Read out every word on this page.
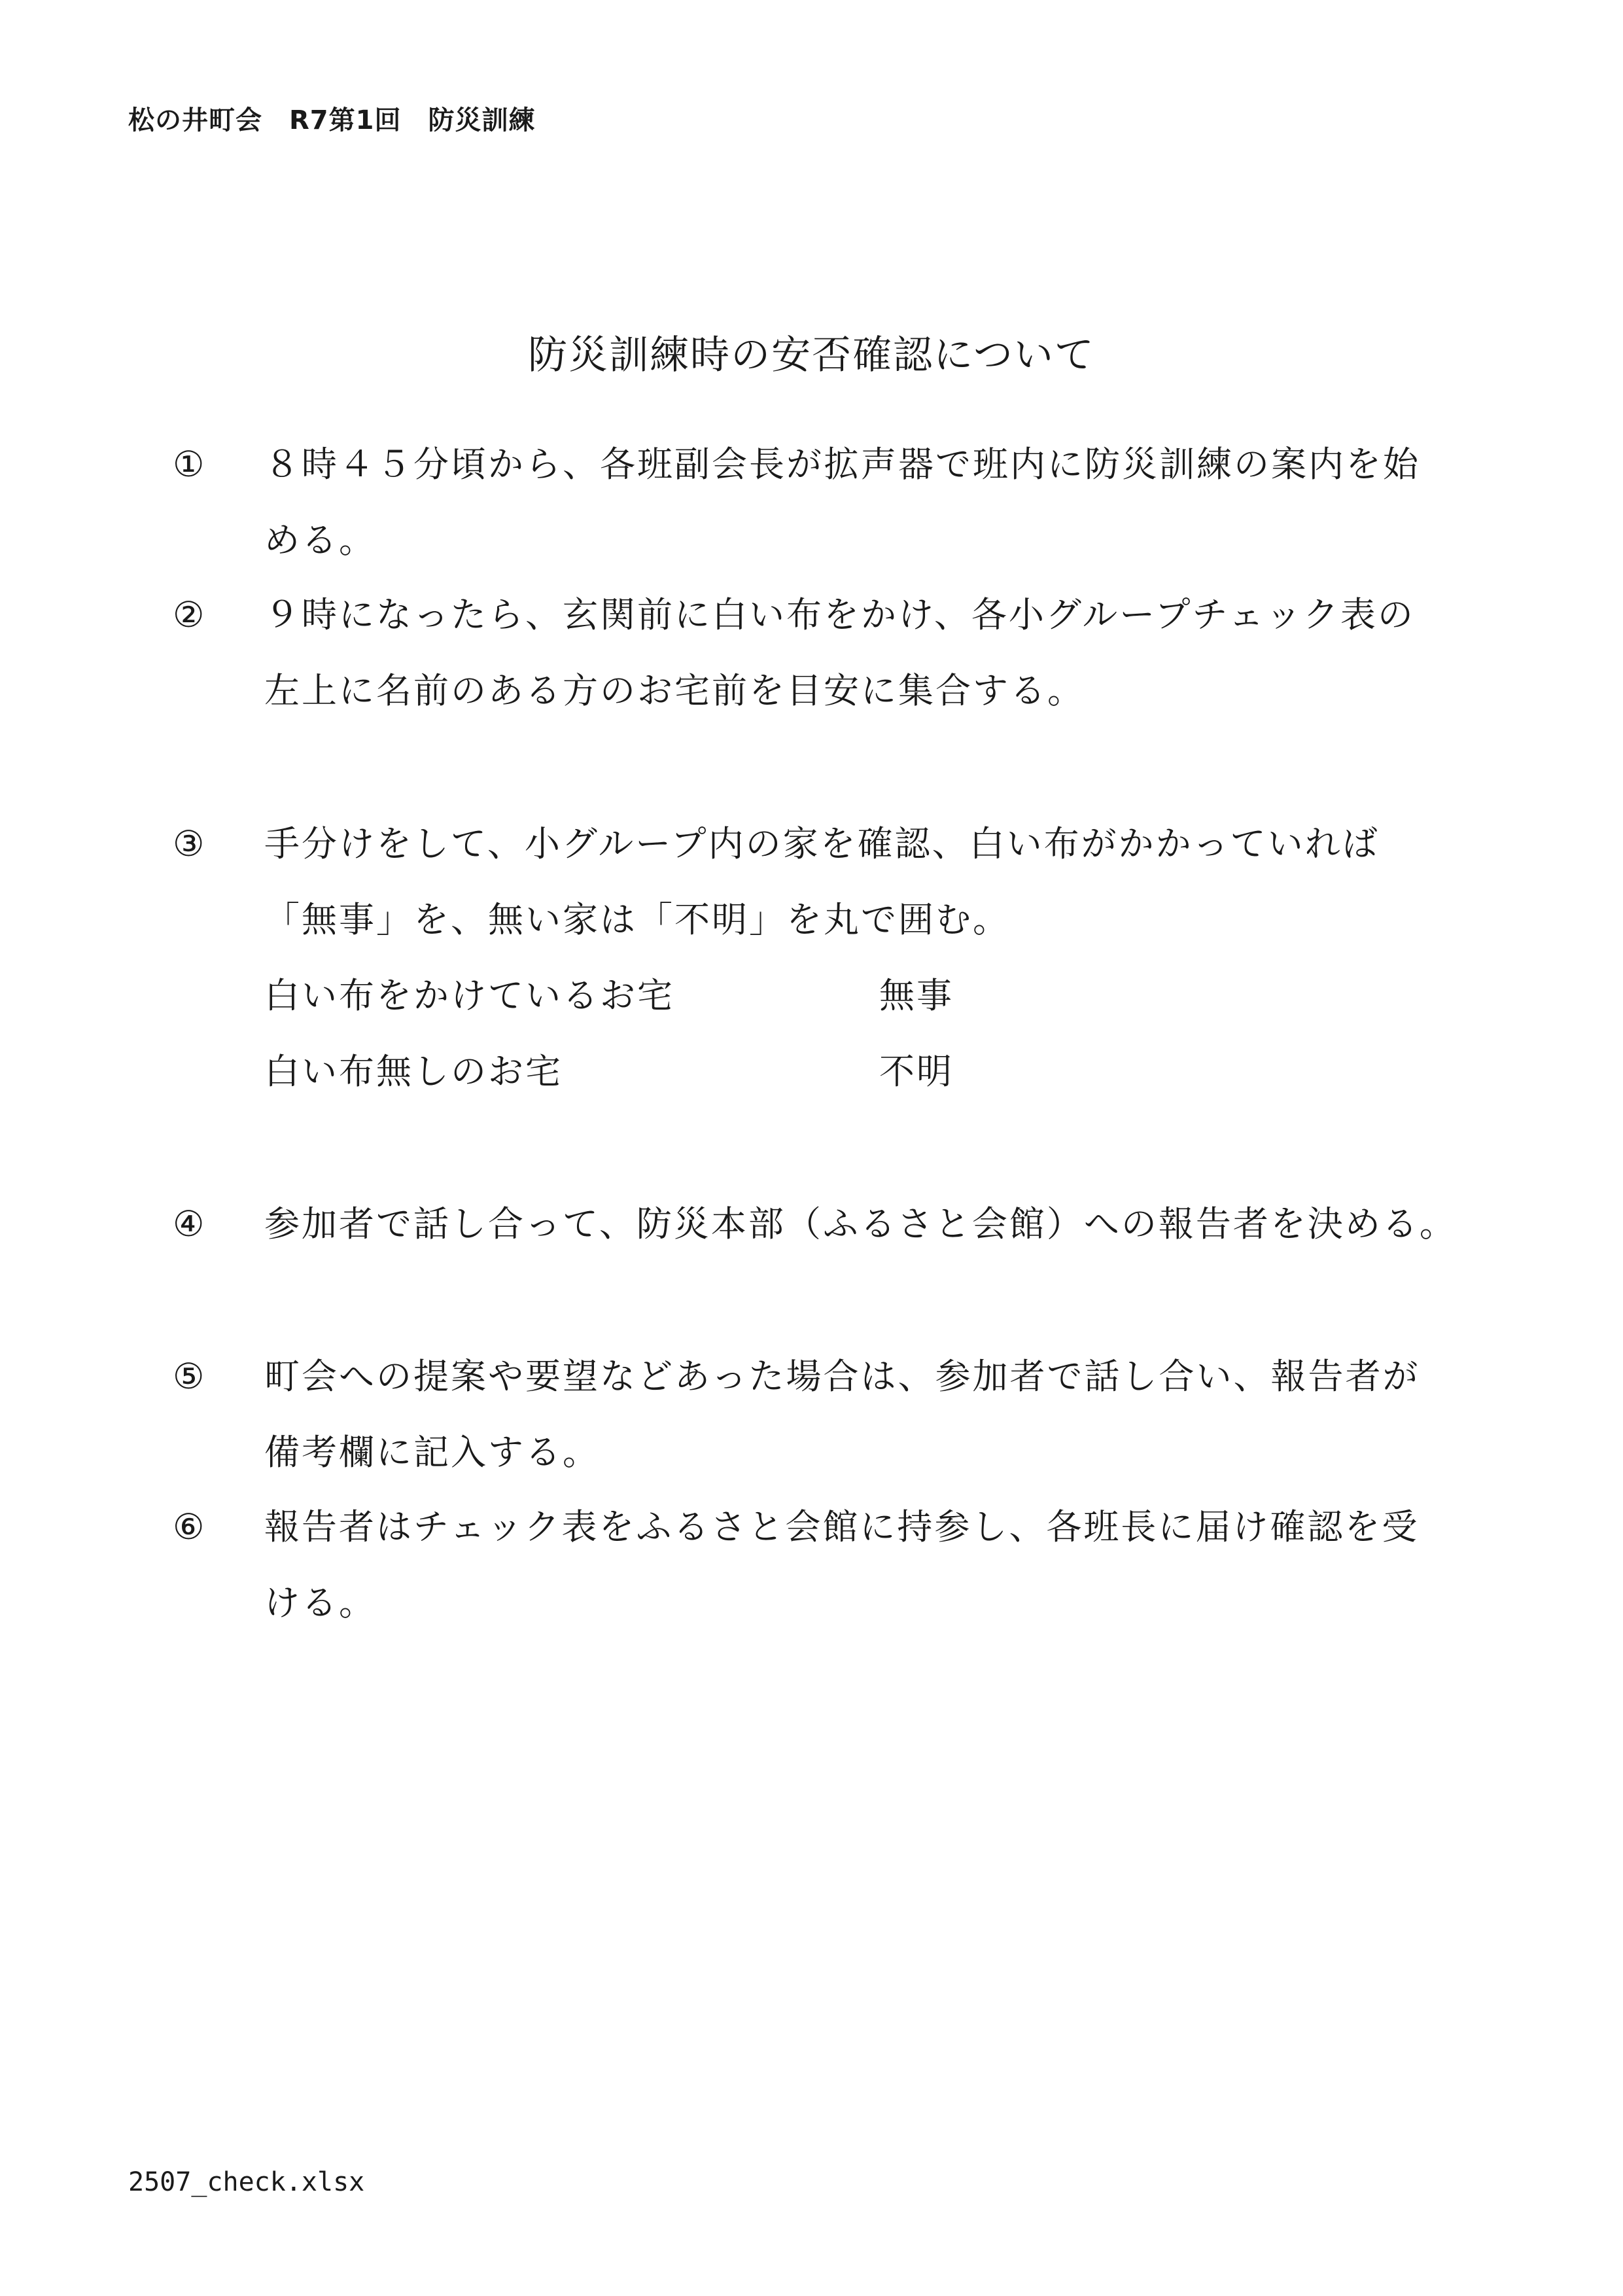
松の井町会　R7第1回　防災訓練
防災訓練時の安否確認について
① ８時４５分頃から、各班副会長が拡声器で班内に防災訓練の案内を始
める。
② ９時になったら、玄関前に白い布をかけ、各小グループチェック表の
左上に名前のある方のお宅前を目安に集合する。
③ 手分けをして、小グループ内の家を確認、白い布がかかっていれば
「無事」を、無い家は「不明」を丸で囲む。
白い布をかけているお宅	無事
白い布無しのお宅	不明
④ 参加者で話し合って、防災本部（ふるさと会館）への報告者を決める。
⑤ 町会への提案や要望などあった場合は、参加者で話し合い、報告者が
備考欄に記入する。
⑥ 報告者はチェック表をふるさと会館に持参し、各班長に届け確認を受
ける。
2507_check.xlsx
